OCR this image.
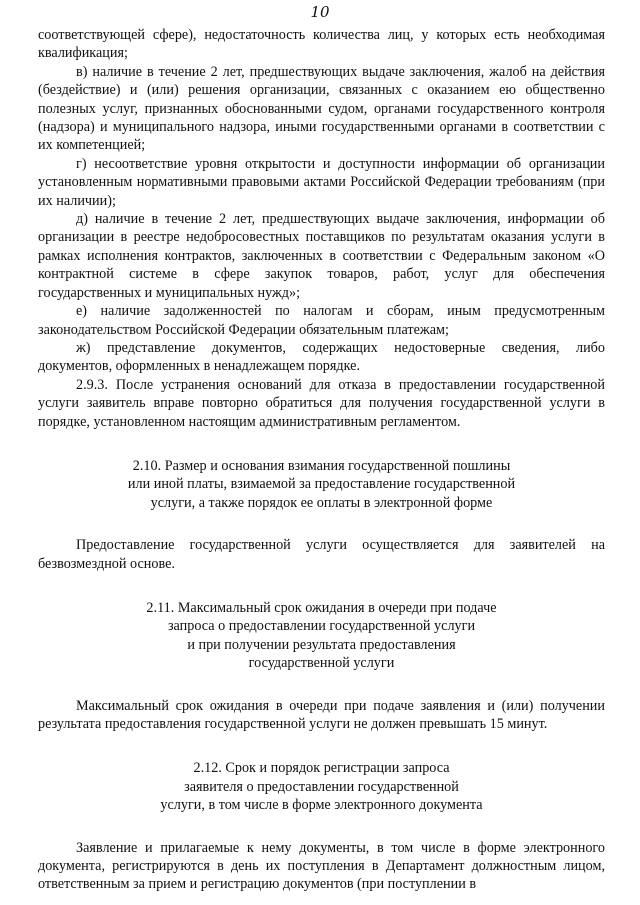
10

соответствующей сфере), недостаточность количества лиц, у которых есть необходимая квалификация;

в) наличие в течение 2 лет, предшествующих выдаче заключения, жалоб на действия (бездействие) и (или) решения организации, связанных с оказанием ею общественно полезных услуг, признанных обоснованными судом, органами государственного контроля (надзора) и муниципального надзора, иными государственными органами в соответствии с их компетенцией;

г) несоответствие уровня открытости и доступности информации об организации установленным нормативными правовыми актами Российской Федерации требованиям (при их наличии);

д) наличие в течение 2 лет, предшествующих выдаче заключения, информации об организации в реестре недобросовестных поставщиков по результатам оказания услуги в рамках исполнения контрактов, заключенных в соответствии с Федеральным законом «О контрактной системе в сфере закупок товаров, работ, услуг для обеспечения государственных и муниципальных нужд»;

е) наличие задолженностей по налогам и сборам, иным предусмотренным законодательством Российской Федерации обязательным платежам;

ж) представление документов, содержащих недостоверные сведения, либо документов, оформленных в ненадлежащем порядке.

2.9.3. После устранения оснований для отказа в предоставлении государственной услуги заявитель вправе повторно обратиться для получения государственной услуги в порядке, установленном настоящим административным регламентом.

2.10. Размер и основания взимания государственной пошлины

или иной платы, взимаемой за предоставление государственной

услуги, а также порядок ее оплаты в электронной форме

Предоставление государственной услуги осуществляется для заявителей на безвозмездной основе.

2.11. Максимальный срок ожидания в очереди при подаче

запроса о предоставлении государственной услуги

и при получении результата предоставления

государственной услуги

Максимальный срок ожидания в очереди при подаче заявления и (или) получении результата предоставления государственной услуги не должен превышать 15 минут.

2.12. Срок и порядок регистрации запроса

заявителя о предоставлении государственной

услуги, в том числе в форме электронного документа

Заявление и прилагаемые к нему документы, в том числе в форме электронного документа, регистрируются в день их поступления в Департамент должностным лицом, ответственным за прием и регистрацию документов (при поступлении в
